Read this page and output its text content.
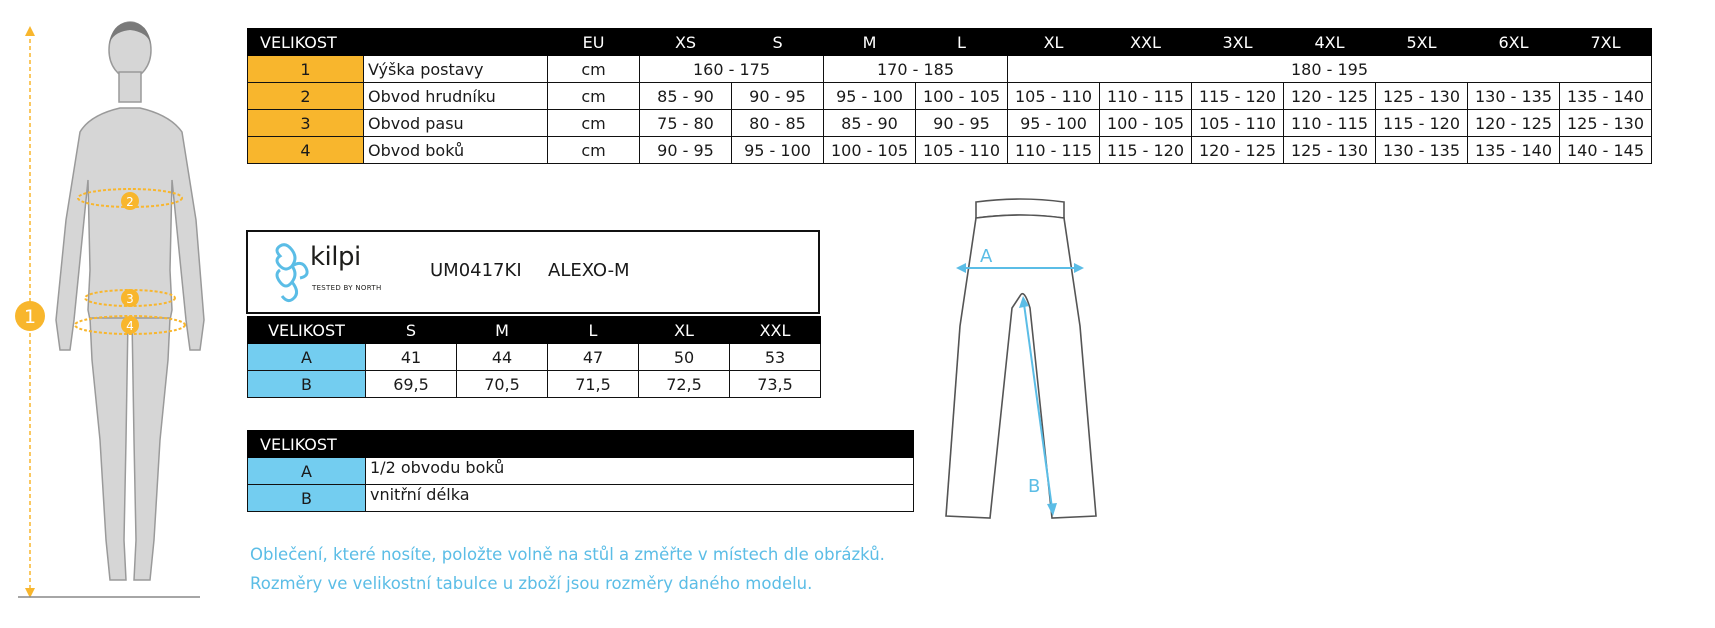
1
2
3
4
VELIKOST		EU	XS	S	M	L	XL	XXL	3XL	4XL	5XL	6XL	7XL
1	Výška postavy	cm	160 - 175		170 - 185		180 - 195						
2	Obvod hrudníku	cm	85 - 90	90 - 95	95 - 100	100 - 105	105 - 110	110 - 115	115 - 120	120 - 125	125 - 130	130 - 135	135 - 140
3	Obvod pasu	cm	75 - 80	80 - 85	85 - 90	90 - 95	95 - 100	100 - 105	105 - 110	110 - 115	115 - 120	120 - 125	125 - 130
4	Obvod boků	cm	90 - 95	95 - 100	100 - 105	105 - 110	110 - 115	115 - 120	120 - 125	125 - 130	130 - 135	135 - 140	140 - 145
kilpi
TESTED BY NORTH
UM0417KI ALEXO-M
VELIKOST	S	M	L	XL	XXL
A	41	44	47	50	53
B	69,5	70,5	71,5	72,5	73,5
VELIKOST	
A	1/2 obvodu boků
B	vnitřní délka
A
B
Oblečení, které nosíte, položte volně na stůl a změřte v místech dle obrázků.
Rozměry ve velikostní tabulce u zboží jsou rozměry daného modelu.
